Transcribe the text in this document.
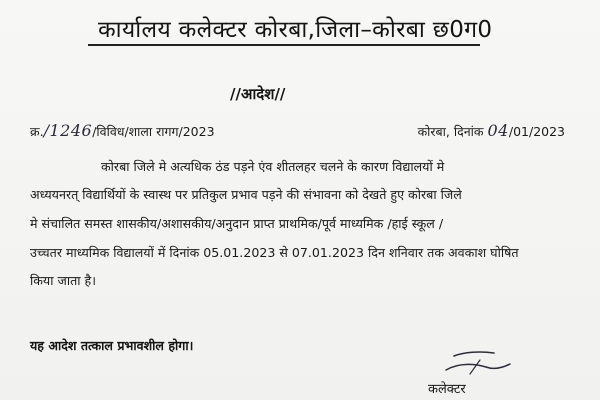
कार्यालय कलेक्टर कोरबा,जिला–कोरबा छ0ग0
//आदेश//
क्र./1246/विविध/शाला रागग/2023	कोरबा, दिनांक 04/01/2023
कोरबा जिले मे अत्यधिक ठंड पड़ने एंव शीतलहर चलने के कारण विद्यालयों मे
अध्ययनरत् विद्यार्थियों के स्वास्थ पर प्रतिकुल प्रभाव पड़ने की संभावना को देखते हुए कोरबा जिले
मे संचालित समस्त शासकीय/अशासकीय/अनुदान प्राप्त प्राथमिक/पूर्व माध्यमिक /हाई स्कूल /
उच्चतर माध्यमिक विद्यालयों में दिनांक 05.01.2023 से 07.01.2023 दिन शनिवार तक अवकाश घोषित
किया जाता है।
यह आदेश तत्काल प्रभावशील होगा।
कलेक्टर
